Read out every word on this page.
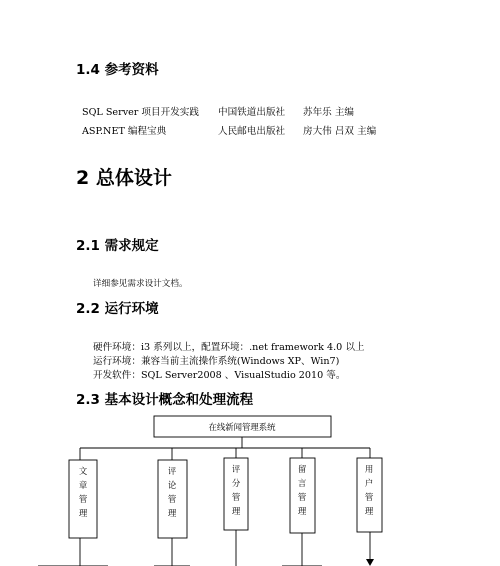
1.4 参考资料
SQL Server 项目开发实践 中国铁道出版社 苏年乐 主编
ASP.NET 编程宝典	人民邮电出版社 房大伟 吕双 主编
2 总体设计
2.1 需求规定
详细参见需求设计文档。
2.2 运行环境
硬件环境：i3 系列以上，配置环境：.net framework 4.0 以上
运行环境：兼容当前主流操作系统(Windows XP、Win7)
开发软件：SQL Server2008 、VisualStudio 2010 等。
2.3 基本设计概念和处理流程
在线新闻管理系统
文章管理
评论管理
评分管理
留言管理
用户管理
